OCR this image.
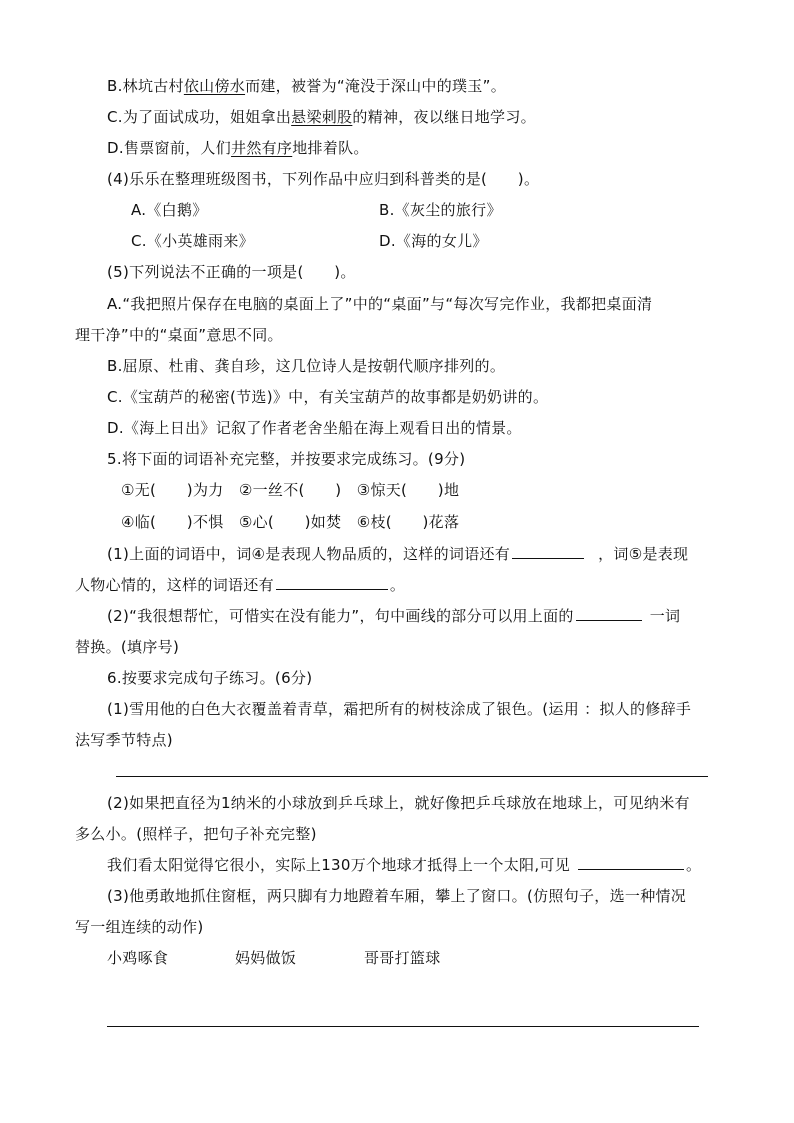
B.林坑古村依山傍水而建，被誉为“淹没于深山中的璞玉”。
C.为了面试成功，姐姐拿出悬梁刺股的精神，夜以继日地学习。
D.售票窗前，人们井然有序地排着队。
(4)乐乐在整理班级图书，下列作品中应归到科普类的是(　　)。
A.《白鹅》	B.《灰尘的旅行》
C.《小英雄雨来》	D.《海的女儿》
(5)下列说法不正确的一项是(　　)。
A.“我把照片保存在电脑的桌面上了”中的“桌面”与“每次写完作业，我都把桌面清
理干净”中的“桌面”意思不同。
B.屈原、杜甫、龚自珍，这几位诗人是按朝代顺序排列的。
C.《宝葫芦的秘密(节选)》中，有关宝葫芦的故事都是奶奶讲的。
D.《海上日出》记叙了作者老舍坐船在海上观看日出的情景。
5.将下面的词语补充完整，并按要求完成练习。(9分)
①无(　　)为力　②一丝不(　　)　③惊天(　　)地
④临(　　)不惧　⑤心(　　)如焚　⑥枝(　　)花落
(1)上面的词语中，词④是表现人物品质的，这样的词语还有	，词⑤是表现
人物心情的，这样的词语还有	。
(2)“我很想帮忙，可惜实在没有能力”，句中画线的部分可以用上面的	一词
替换。(填序号)
6.按要求完成句子练习。(6分)
(1)雪用他的白色大衣覆盖着青草，霜把所有的树枝涂成了银色。(运用 ：拟人的修辞手
法写季节特点)
(2)如果把直径为1纳米的小球放到乒乓球上，就好像把乒乓球放在地球上，可见纳米有
多么小。(照样子，把句子补充完整)
我们看太阳觉得它很小，实际上130万个地球才抵得上一个太阳,可见	。
(3)他勇敢地抓住窗框，两只脚有力地蹬着车厢，攀上了窗口。(仿照句子，选一种情况
写一组连续的动作)
小鸡啄食	妈妈做饭	哥哥打篮球
